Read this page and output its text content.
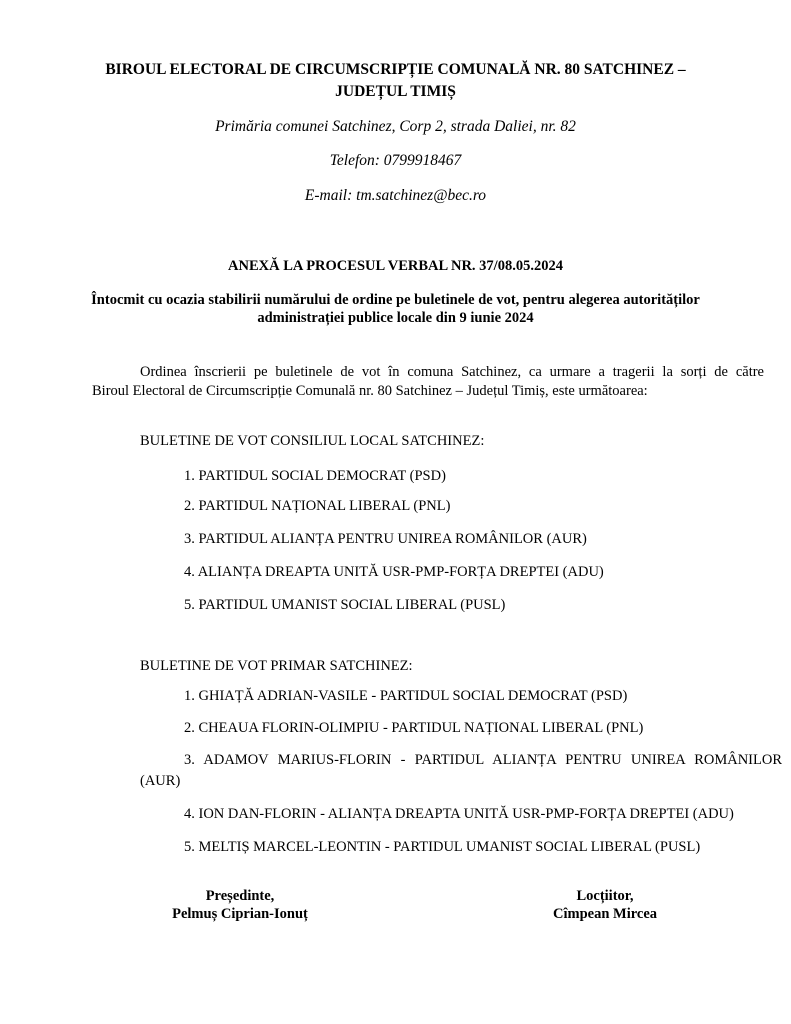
BIROUL ELECTORAL DE CIRCUMSCRIPȚIE COMUNALĂ NR. 80 SATCHINEZ –
JUDEȚUL TIMIȘ
Primăria comunei Satchinez, Corp 2, strada Daliei, nr. 82
Telefon: 0799918467
E-mail: tm.satchinez@bec.ro
ANEXĂ LA PROCESUL VERBAL NR. 37/08.05.2024
Întocmit cu ocazia stabilirii numărului de ordine pe buletinele de vot, pentru alegerea autorităților
administrației publice locale din 9 iunie 2024
Ordinea înscrierii pe buletinele de vot în comuna Satchinez, ca urmare a tragerii la sorți de către
Biroul Electoral de Circumscripție Comunală nr. 80 Satchinez – Județul Timiș, este următoarea:
BULETINE DE VOT CONSILIUL LOCAL SATCHINEZ:
1. PARTIDUL SOCIAL DEMOCRAT (PSD)
2. PARTIDUL NAȚIONAL LIBERAL (PNL)
3. PARTIDUL ALIANȚA PENTRU UNIREA ROMÂNILOR (AUR)
4. ALIANȚA DREAPTA UNITĂ USR-PMP-FORȚA DREPTEI (ADU)
5. PARTIDUL UMANIST SOCIAL LIBERAL (PUSL)
BULETINE DE VOT PRIMAR SATCHINEZ:
1. GHIAȚĂ ADRIAN-VASILE - PARTIDUL SOCIAL DEMOCRAT (PSD)
2. CHEAUA FLORIN-OLIMPIU - PARTIDUL NAȚIONAL LIBERAL (PNL)
3. ADAMOV MARIUS-FLORIN - PARTIDUL ALIANȚA PENTRU UNIREA ROMÂNILOR
(AUR)
4. ION DAN-FLORIN - ALIANȚA DREAPTA UNITĂ USR-PMP-FORȚA DREPTEI (ADU)
5. MELTIȘ MARCEL-LEONTIN - PARTIDUL UMANIST SOCIAL LIBERAL (PUSL)
Președinte,
Pelmuș Ciprian-Ionuț
Locțiitor,
Cîmpean Mircea
